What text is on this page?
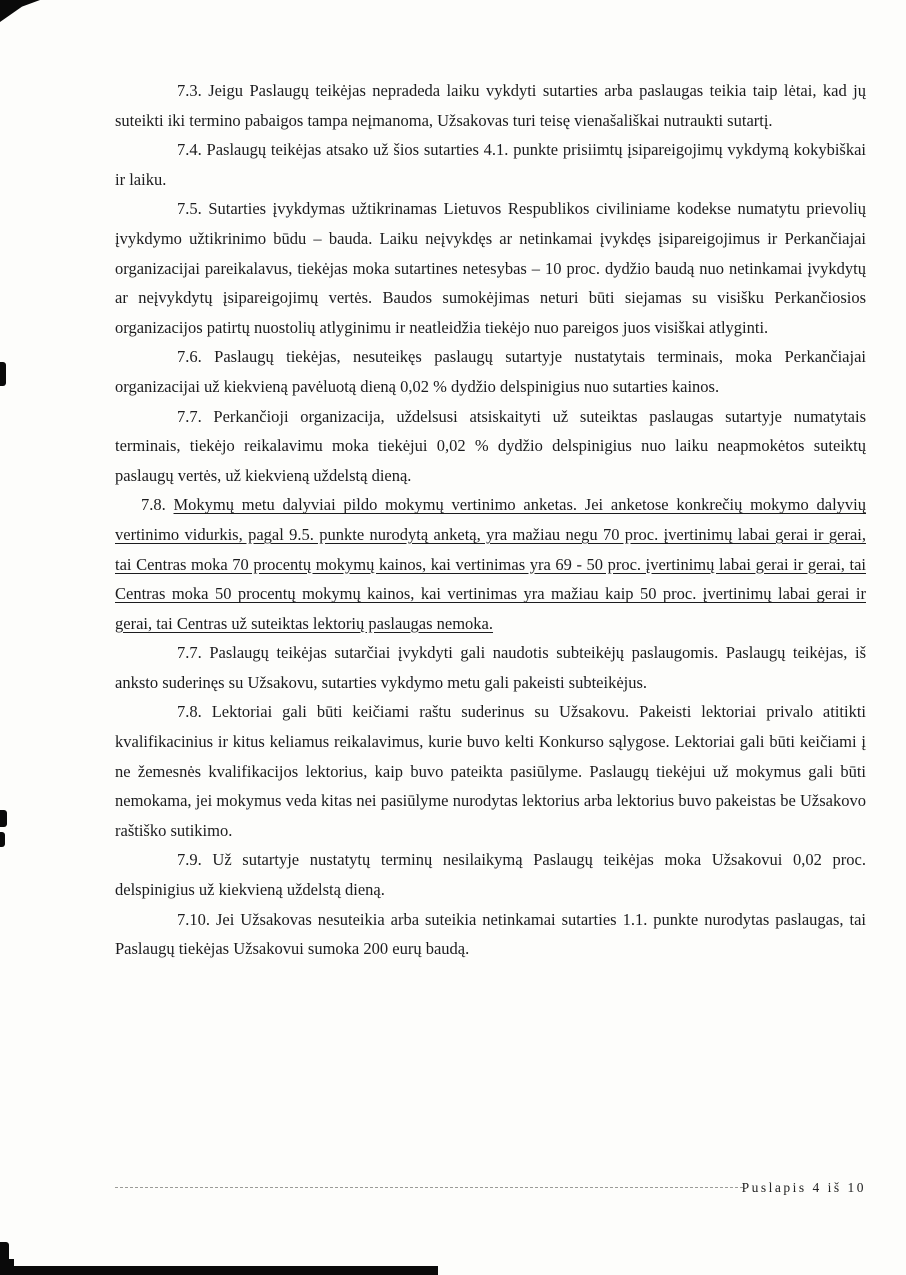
7.3. Jeigu Paslaugų teikėjas nepradeda laiku vykdyti sutarties arba paslaugas teikia taip lėtai, kad jų suteikti iki termino pabaigos tampa neįmanoma, Užsakovas turi teisę vienašališkai nutraukti sutartį.

7.4. Paslaugų teikėjas atsako už šios sutarties 4.1. punkte prisiimtų įsipareigojimų vykdymą kokybiškai ir laiku.

7.5. Sutarties įvykdymas užtikrinamas Lietuvos Respublikos civiliniame kodekse numatytu prievolių įvykdymo užtikrinimo būdu – bauda. Laiku neįvykdęs ar netinkamai įvykdęs įsipareigojimus ir Perkančiajai organizacijai pareikalavus, tiekėjas moka sutartines netesybas – 10 proc. dydžio baudą nuo netinkamai įvykdytų ar neįvykdytų įsipareigojimų vertės. Baudos sumokėjimas neturi būti siejamas su visišku Perkančiosios organizacijos patirtų nuostolių atlyginimu ir neatleidžia tiekėjo nuo pareigos juos visiškai atlyginti.

7.6. Paslaugų tiekėjas, nesuteikęs paslaugų sutartyje nustatytais terminais, moka Perkančiajai organizacijai už kiekvieną pavėluotą dieną 0,02 % dydžio delspinigius nuo sutarties kainos.

7.7. Perkančioji organizacija, uždelsusi atsiskaityti už suteiktas paslaugas sutartyje numatytais terminais, tiekėjo reikalavimu moka tiekėjui 0,02 % dydžio delspinigius nuo laiku neapmokėtos suteiktų paslaugų vertės, už kiekvieną uždelstą dieną.

7.8. Mokymų metu dalyviai pildo mokymų vertinimo anketas. Jei anketose konkrečių mokymo dalyvių vertinimo vidurkis, pagal 9.5. punkte nurodytą anketą, yra mažiau negu 70 proc. įvertinimų labai gerai ir gerai, tai Centras moka 70 procentų mokymų kainos, kai vertinimas yra 69 - 50 proc. įvertinimų labai gerai ir gerai, tai Centras moka 50 procentų mokymų kainos, kai vertinimas yra mažiau kaip 50 proc. įvertinimų labai gerai ir gerai, tai Centras už suteiktas lektorių paslaugas nemoka.

7.7. Paslaugų teikėjas sutarčiai įvykdyti gali naudotis subteikėjų paslaugomis. Paslaugų teikėjas, iš anksto suderinęs su Užsakovu, sutarties vykdymo metu gali pakeisti subteikėjus.

7.8. Lektoriai gali būti keičiami raštu suderinus su Užsakovu. Pakeisti lektoriai privalo atitikti kvalifikacinius ir kitus keliamus reikalavimus, kurie buvo kelti Konkurso sąlygose. Lektoriai gali būti keičiami į ne žemesnės kvalifikacijos lektorius, kaip buvo pateikta pasiūlyme. Paslaugų tiekėjui už mokymus gali būti nemokama, jei mokymus veda kitas nei pasiūlyme nurodytas lektorius arba lektorius buvo pakeistas be Užsakovo raštiško sutikimo.

7.9. Už sutartyje nustatytų terminų nesilaikymą Paslaugų teikėjas moka Užsakovui 0,02 proc. delspinigius už kiekvieną uždelstą dieną.

7.10. Jei Užsakovas nesuteikia arba suteikia netinkamai sutarties 1.1. punkte nurodytas paslaugas, tai Paslaugų tiekėjas Užsakovui sumoka 200 eurų baudą.

Puslapis 4 iš 10
